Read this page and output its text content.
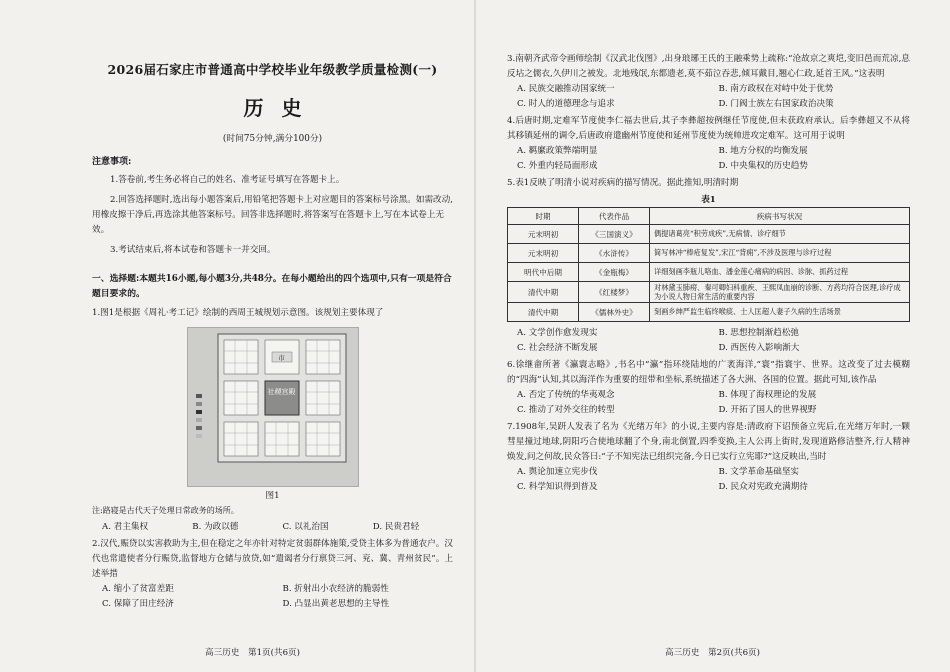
2026届石家庄市普通高中学校毕业年级教学质量检测(一)

历史

(时间75分钟,满分100分)

注意事项:

1.答卷前,考生务必将自己的姓名、准考证号填写在答题卡上。

2.回答选择题时,选出每小题答案后,用铅笔把答题卡上对应题目的答案标号涂黑。如需改动,用橡皮擦干净后,再选涂其他答案标号。回答非选择题时,将答案写在答题卡上,写在本试卷上无效。

3.考试结束后,将本试卷和答题卡一并交回。

一、选择题:本题共16小题,每小题3分,共48分。在每小题给出的四个选项中,只有一项是符合题目要求的。

1.图1是根据《周礼·考工记》绘制的西周王城规划示意图。该规划主要体现了

社稷宫殿
市

图1

注:路寝是古代天子处理日常政务的场所。

A. 君主集权	B. 为政以德	C. 以礼治国	D. 民贵君轻

2.汉代,赈贷以实害救助为主,但在稳定之年亦针对特定贫弱群体施策,受贷主体多为普通农户。汉代也常遣使者分行赈贷,监督地方仓储与放贷,如“遣谒者分行禀贷三河、兖、冀、青州贫民”。上述举措

A. 缩小了贫富差距	B. 折射出小农经济的脆弱性
C. 保障了田庄经济	D. 凸显出黄老思想的主导性
高三历史　第1页(共6页)

3.南朝齐武帝令画师绘制《汉武北伐图》,出身琅琊王氏的王融乘势上疏称:“沧故京之爽垲,变旧邑而荒凉,息反坫之儒衣,久伊川之被发。北地残氓,东都遗老,莫不茹泣吞悲,倾耳戴目,翘心仁政,延首王风。”这表明

A. 民族交融推动国家统一	B. 南方政权在对峙中处于优势
C. 时人的道德理念与追求	D. 门阀士族左右国家政治决策

4.后唐时期,定难军节度使李仁福去世后,其子李彝超按例继任节度使,但未获政府承认。后李彝超又不从将其移镇延州的调令,后唐政府遣幽州节度使和延州节度使为统帅进攻定难军。这可用于说明

A. 羁縻政策弊端明显	B. 地方分权的均衡发展
C. 外重内轻局面形成	D. 中央集权的历史趋势

5.表1反映了明清小说对疾病的描写情况。据此推知,明清时期

表1

时期	代表作品	疾病书写状况
元末明初	《三国演义》	偶提诸葛亮“积劳成疾”,无病情、诊疗细节
元末明初	《水浒传》	简写林冲“棒疮复发”,宋江“背痈”,不涉及医理与诊疗过程
明代中后期	《金瓶梅》	详细刻画李瓶儿咯血、潘金莲心痛病的病因、诊脉、抓药过程
清代中期	《红楼梦》	对林黛玉肺痨、秦可卿妇科重疾、王熙凤血崩的诊断、方药均符合医理,诊疗成为小说人物日常生活的重要内容
清代中期	《儒林外史》	刻画乡绅严监生临终喉痰、士人匡超人妻子久病的生活场景
A. 文学创作愈发现实	B. 思想控制渐趋松弛
C. 社会经济不断发展	D. 西医传入影响渐大

6.徐继畬所著《瀛寰志略》,书名中“瀛”指环绕陆地的广袤海洋,“寰”指寰宇、世界。这改变了过去模糊的“四海”认知,其以海洋作为重要的纽带和坐标,系统描述了各大洲、各国的位置。据此可知,该作品

A. 否定了传统的华夷观念	B. 体现了海权理论的发展
C. 推动了对外交往的转型	D. 开拓了国人的世界视野

7.1908年,吴趼人发表了名为《光绪万年》的小说,主要内容是:清政府下诏预备立宪后,在光绪万年时,一颗彗星撞过地球,阴阳巧合使地球翻了个身,南北倒置,四季变换,主人公再上街时,发现道路修洁整齐,行人精神焕发,问之何故,民众答曰:“子不知宪法已组织完备,今日已实行立宪耶?”这反映出,当时

A. 舆论加速立宪步伐	B. 文学革命基础坚实
C. 科学知识得到普及	D. 民众对宪政充满期待
高三历史　第2页(共6页)
